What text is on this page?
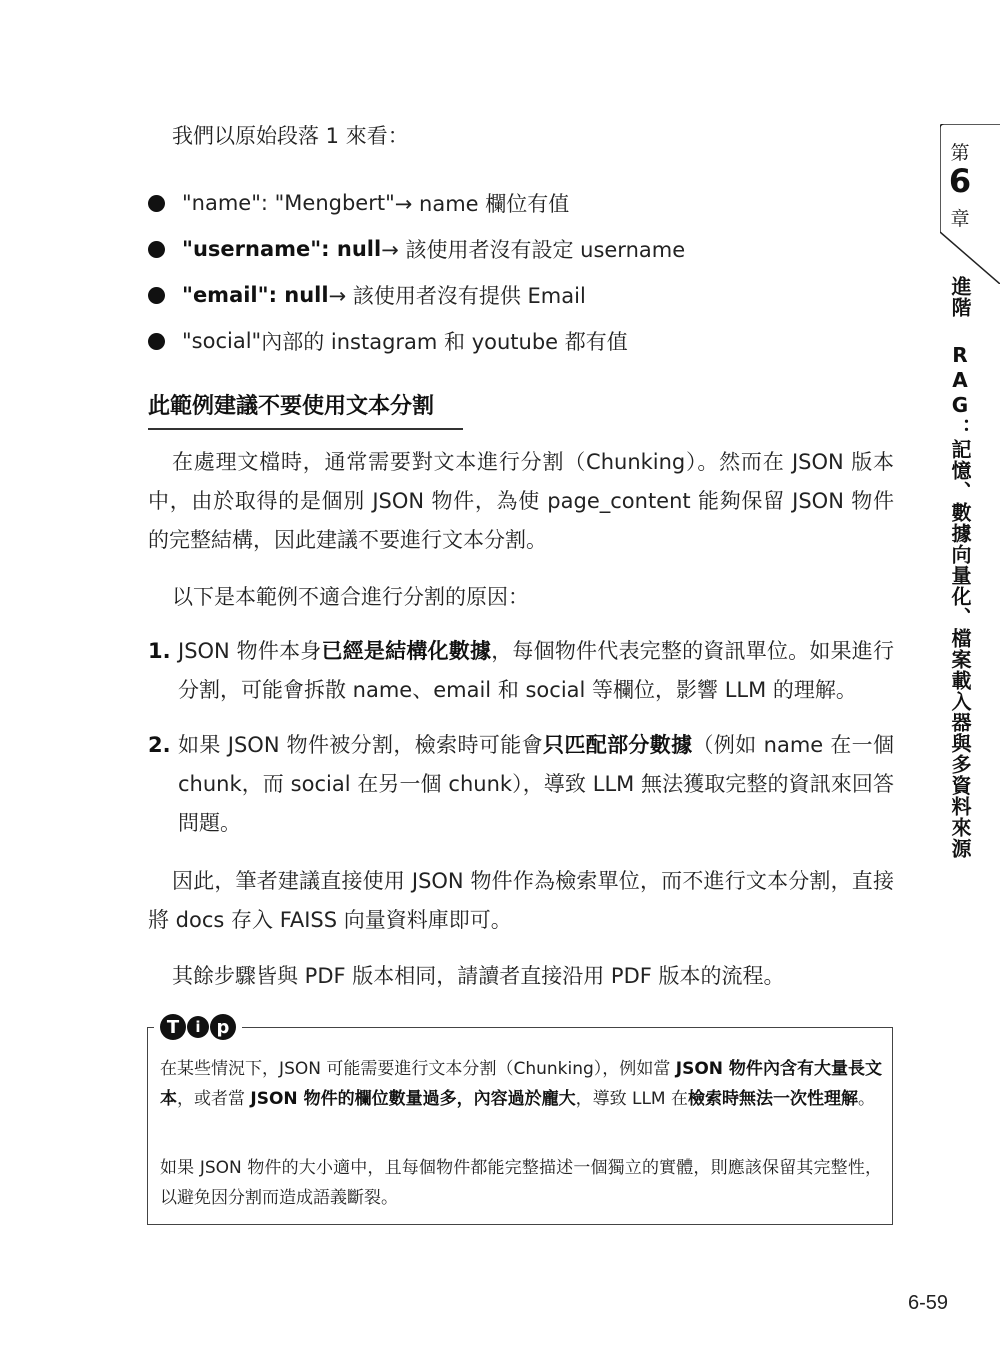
我們以原始段落 1 來看：

"name": "Mengbert" → name 欄位有值
"username": null → 該使用者沒有設定 username
"email": null → 該使用者沒有提供 Email
"social" 內部的 instagram 和 youtube 都有值
此範例建議不要使用文本分割

在處理文檔時，通常需要對文本進行分割（Chunking）。然而在 JSON 版本中，由於取得的是個別 JSON 物件，為使 page_content 能夠保留 JSON 物件的完整結構，因此建議不要進行文本分割。

以下是本範例不適合進行分割的原因：

1. JSON 物件本身已經是結構化數據，每個物件代表完整的資訊單位。如果進行分割，可能會拆散 name、email 和 social 等欄位，影響 LLM 的理解。
2. 如果 JSON 物件被分割，檢索時可能會只匹配部分數據（例如 name 在一個 chunk，而 social 在另一個 chunk），導致 LLM 無法獲取完整的資訊來回答問題。

因此，筆者建議直接使用 JSON 物件作為檢索單位，而不進行文本分割，直接將 docs 存入 FAISS 向量資料庫即可。

其餘步驟皆與 PDF 版本相同，請讀者直接沿用 PDF 版本的流程。

T	i p

在某些情況下，JSON 可能需要進行文本分割（Chunking），例如當 JSON 物件內含有大量長文本，或者當 JSON 物件的欄位數量過多，內容過於龐大，導致 LLM 在檢索時無法一次性理解。

如果 JSON 物件的大小適中，且每個物件都能完整描述一個獨立的實體，則應該保留其完整性，以避免因分割而造成語義斷裂。

第
6
章
進階 RAG：記憶、數據向量化、檔案載入器與多資料來源
6-59
